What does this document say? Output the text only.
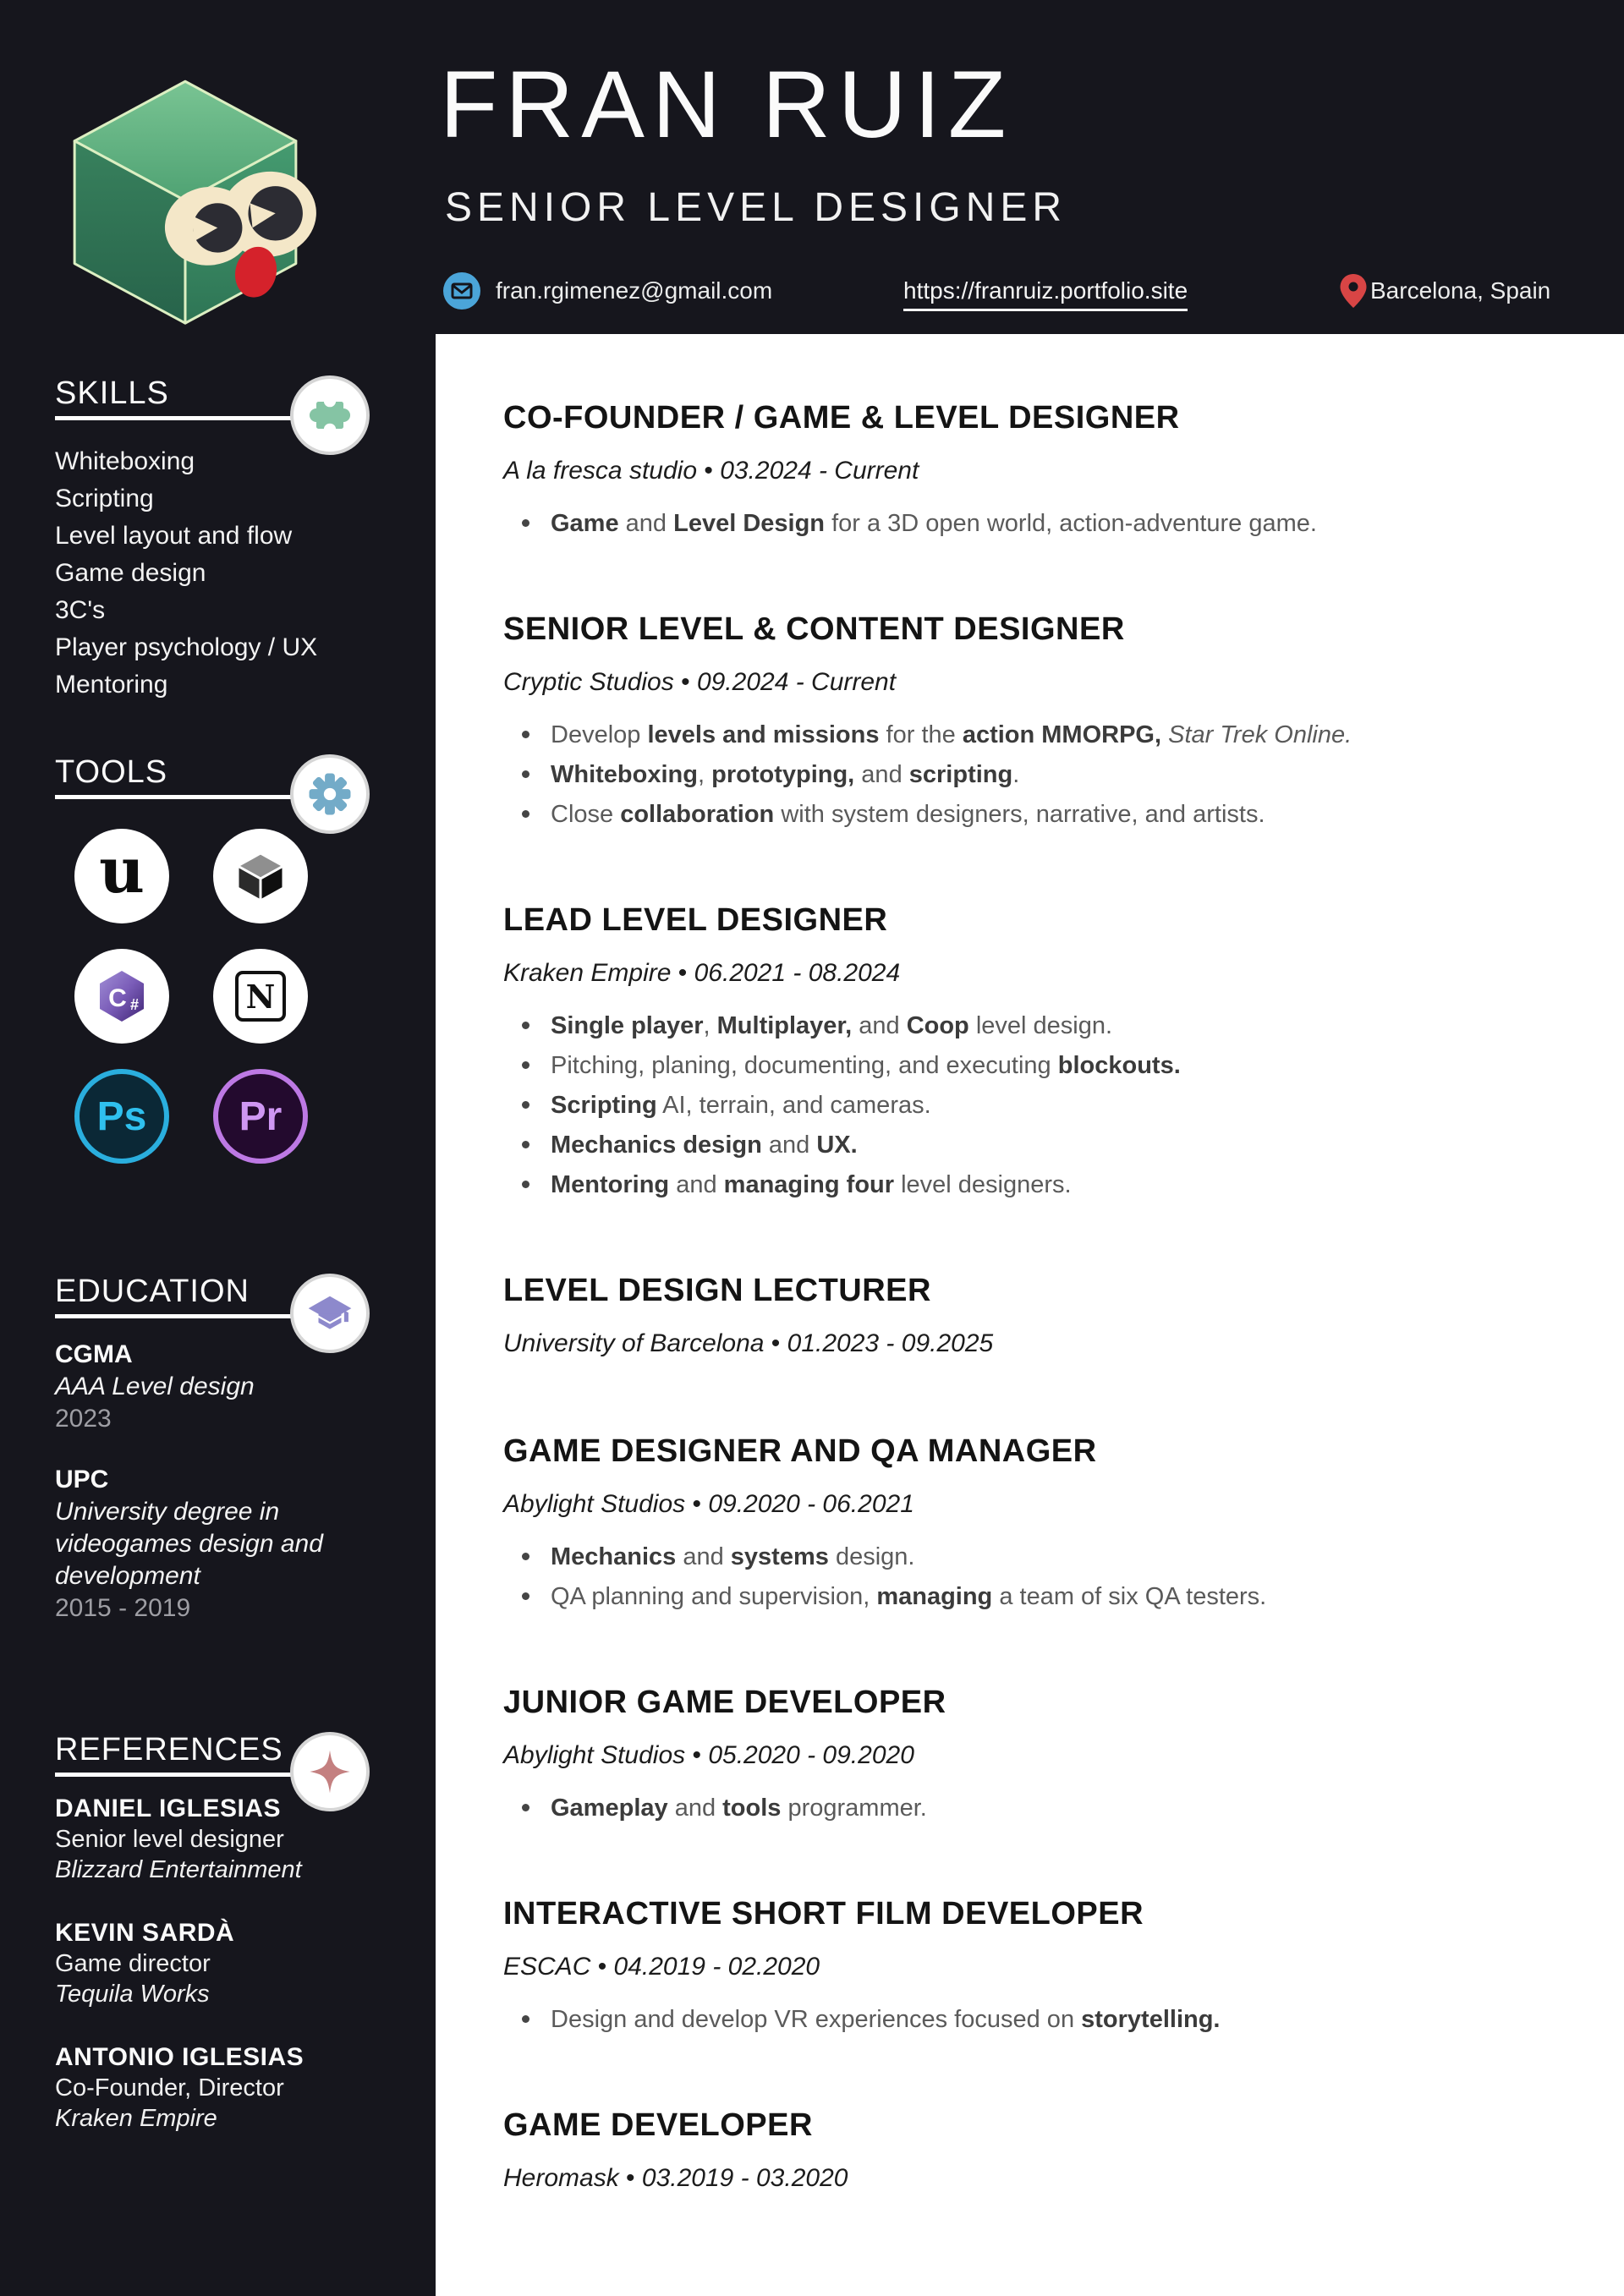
SKILLS
Whiteboxing
Scripting
Level layout and flow
Game design
3C's
Player psychology / UX
Mentoring
TOOLS
u
C #	N
Ps Pr
EDUCATION
CGMA
AAA Level design
2023
UPC
University degree in videogames design and development
2015 - 2019
REFERENCES
DANIEL IGLESIAS
Senior level designer
Blizzard Entertainment
KEVIN SARDÀ
Game director
Tequila Works
ANTONIO IGLESIAS
Co-Founder, Director
Kraken Empire
FRAN RUIZ
SENIOR LEVEL DESIGNER
fran.rgimenez@gmail.com	https://franruiz.portfolio.site	Barcelona, Spain
CO-FOUNDER / GAME & LEVEL DESIGNER

A la fresca studio • 03.2024 - Current

Game and Level Design for a 3D open world, action-adventure game.
SENIOR LEVEL & CONTENT DESIGNER

Cryptic Studios • 09.2024 - Current

Develop levels and missions for the action MMORPG, Star Trek Online.
Whiteboxing, prototyping, and scripting.
Close collaboration with system designers, narrative, and artists.
LEAD LEVEL DESIGNER

Kraken Empire • 06.2021 - 08.2024

Single player, Multiplayer, and Coop level design.
Pitching, planing, documenting, and executing blockouts.
Scripting AI, terrain, and cameras.
Mechanics design and UX.
Mentoring and managing four level designers.
LEVEL DESIGN LECTURER

University of Barcelona • 01.2023 - 09.2025

GAME DESIGNER AND QA MANAGER

Abylight Studios • 09.2020 - 06.2021

Mechanics and systems design.
QA planning and supervision, managing a team of six QA testers.
JUNIOR GAME DEVELOPER

Abylight Studios • 05.2020 - 09.2020

Gameplay and tools programmer.
INTERACTIVE SHORT FILM DEVELOPER

ESCAC • 04.2019 - 02.2020

Design and develop VR experiences focused on storytelling.
GAME DEVELOPER

Heromask • 03.2019 - 03.2020
